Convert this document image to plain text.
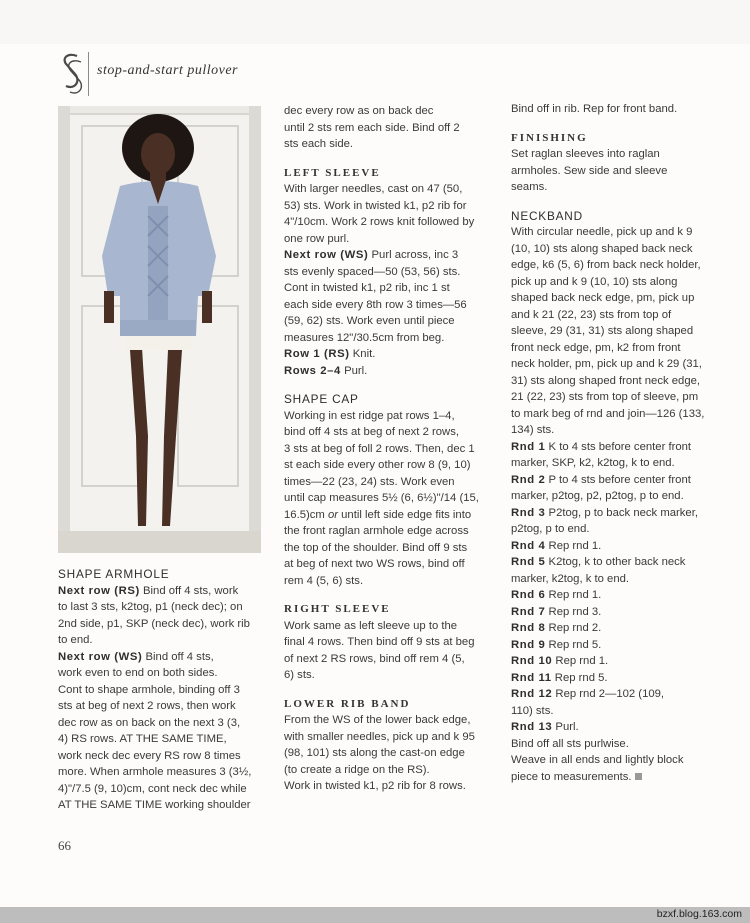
stop-and-start pullover

SHAPE ARMHOLE

Next row (RS) Bind off 4 sts, work

to last 3 sts, k2tog, p1 (neck dec); on

2nd side, p1, SKP (neck dec), work rib

to end.

Next row (WS) Bind off 4 sts,

work even to end on both sides.

Cont to shape armhole, binding off 3

sts at beg of next 2 rows, then work

dec row as on back on the next 3 (3,

4) RS rows. AT THE SAME TIME,

work neck dec every RS row 8 times

more. When armhole measures 3 (3½,

4)"/7.5 (9, 10)cm, cont neck dec while

AT THE SAME TIME working shoulder

dec every row as on back dec

until 2 sts rem each side. Bind off 2

sts each side.

LEFT SLEEVE

With larger needles, cast on 47 (50,

53) sts. Work in twisted k1, p2 rib for

4"/10cm. Work 2 rows knit followed by

one row purl.

Next row (WS) Purl across, inc 3

sts evenly spaced—50 (53, 56) sts.

Cont in twisted k1, p2 rib, inc 1 st

each side every 8th row 3 times—56

(59, 62) sts. Work even until piece

measures 12"/30.5cm from beg.

Row 1 (RS) Knit.

Rows 2–4 Purl.

SHAPE CAP

Working in est ridge pat rows 1–4,

bind off 4 sts at beg of next 2 rows,

3 sts at beg of foll 2 rows. Then, dec 1

st each side every other row 8 (9, 10)

times—22 (23, 24) sts. Work even

until cap measures 5½ (6, 6½)"/14 (15,

16.5)cm or until left side edge fits into

the front raglan armhole edge across

the top of the shoulder. Bind off 9 sts

at beg of next two WS rows, bind off

rem 4 (5, 6) sts.

RIGHT SLEEVE

Work same as left sleeve up to the

final 4 rows. Then bind off 9 sts at beg

of next 2 RS rows, bind off rem 4 (5,

6) sts.

LOWER RIB BAND

From the WS of the lower back edge,

with smaller needles, pick up and k 95

(98, 101) sts along the cast-on edge

(to create a ridge on the RS).

Work in twisted k1, p2 rib for 8 rows.

Bind off in rib. Rep for front band.

FINISHING

Set raglan sleeves into raglan

armholes. Sew side and sleeve

seams.

NECKBAND

With circular needle, pick up and k 9

(10, 10) sts along shaped back neck

edge, k6 (5, 6) from back neck holder,

pick up and k 9 (10, 10) sts along

shaped back neck edge, pm, pick up

and k 21 (22, 23) sts from top of

sleeve, 29 (31, 31) sts along shaped

front neck edge, pm, k2 from front

neck holder, pm, pick up and k 29 (31,

31) sts along shaped front neck edge,

21 (22, 23) sts from top of sleeve, pm

to mark beg of rnd and join—126 (133,

134) sts.

Rnd 1 K to 4 sts before center front

marker, SKP, k2, k2tog, k to end.

Rnd 2 P to 4 sts before center front

marker, p2tog, p2, p2tog, p to end.

Rnd 3 P2tog, p to back neck marker,

p2tog, p to end.

Rnd 4 Rep rnd 1.

Rnd 5 K2tog, k to other back neck

marker, k2tog, k to end.

Rnd 6 Rep rnd 1.

Rnd 7 Rep rnd 3.

Rnd 8 Rep rnd 2.

Rnd 9 Rep rnd 5.

Rnd 10 Rep rnd 1.

Rnd 11 Rep rnd 5.

Rnd 12 Rep rnd 2—102 (109,

110) sts.

Rnd 13 Purl.

Bind off all sts purlwise.

Weave in all ends and lightly block

piece to measurements.

66
bzxf.blog.163.com
